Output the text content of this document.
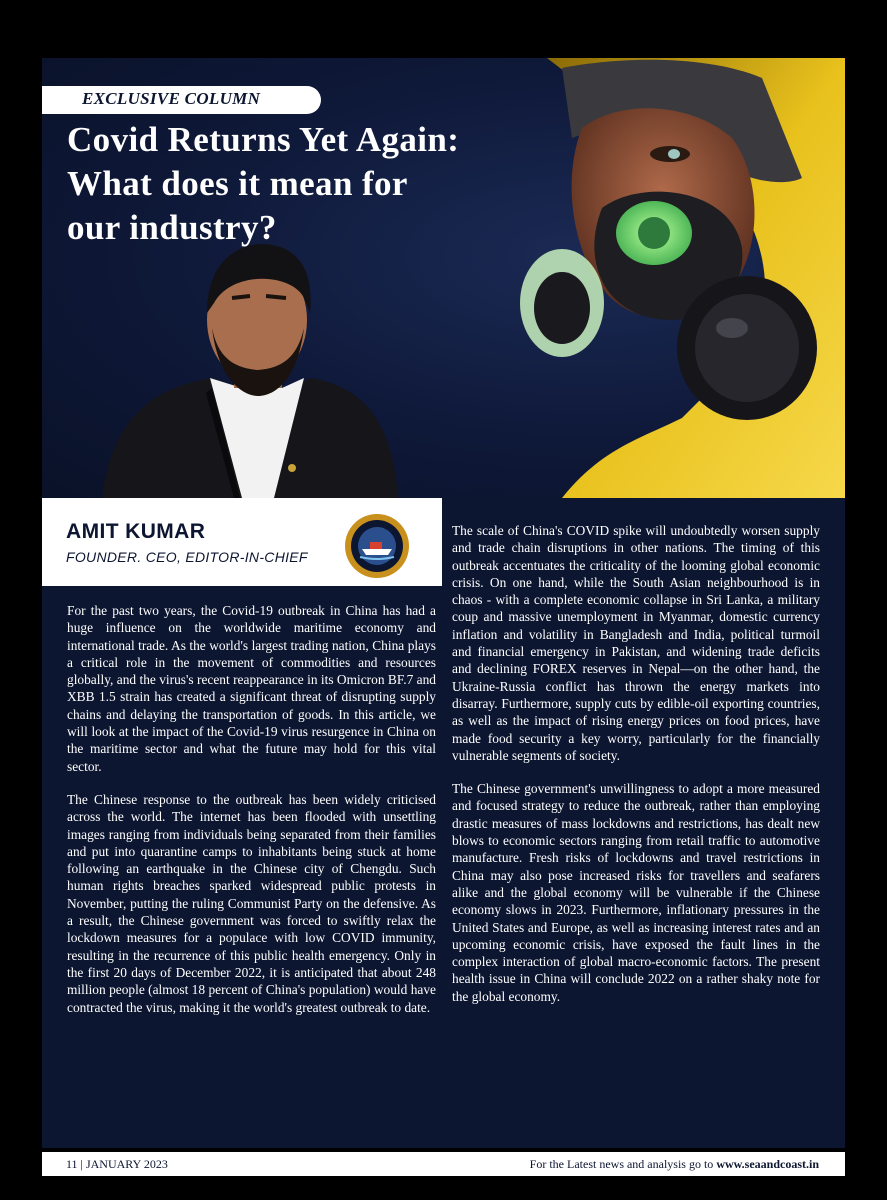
EXCLUSIVE COLUMN
Covid Returns Yet Again:
What does it mean for
our industry?
AMIT KUMAR
FOUNDER. CEO, EDITOR-IN-CHIEF

For the past two years, the Covid-19 outbreak in China has had a huge influence on the worldwide maritime economy and international trade. As the world's largest trading nation, China plays a critical role in the movement of commodities and resources globally, and the virus's recent reappearance in its Omicron BF.7 and XBB 1.5 strain has created a significant threat of disrupting supply chains and delaying the transportation of goods. In this article, we will look at the impact of the Covid-19 virus resurgence in China on the maritime sector and what the future may hold for this vital sector.

The Chinese response to the outbreak has been widely criticised across the world. The internet has been flooded with unsettling images ranging from individuals being separated from their families and put into quarantine camps to inhabitants being stuck at home following an earthquake in the Chinese city of Chengdu. Such human rights breaches sparked widespread public protests in November, putting the ruling Communist Party on the defensive. As a result, the Chinese government was forced to swiftly relax the lockdown measures for a populace with low COVID immunity, resulting in the recurrence of this public health emergency. Only in the first 20 days of December 2022, it is anticipated that about 248 million people (almost 18 percent of China's population) would have contracted the virus, making it the world's greatest outbreak to date.

The scale of China's COVID spike will undoubtedly worsen supply and trade chain disruptions in other nations. The timing of this outbreak accentuates the criticality of the looming global economic crisis. On one hand, while the South Asian neighbourhood is in chaos - with a complete economic collapse in Sri Lanka, a military coup and massive unemployment in Myanmar, domestic currency inflation and volatility in Bangladesh and India, political turmoil and financial emergency in Pakistan, and widening trade deficits and declining FOREX reserves in Nepal—on the other hand, the Ukraine-Russia conflict has thrown the energy markets into disarray. Furthermore, supply cuts by edible-oil exporting countries, as well as the impact of rising energy prices on food prices, have made food security a key worry, particularly for the financially vulnerable segments of society.

The Chinese government's unwillingness to adopt a more measured and focused strategy to reduce the outbreak, rather than employing drastic measures of mass lockdowns and restrictions, has dealt new blows to economic sectors ranging from retail traffic to automotive manufacture. Fresh risks of lockdowns and travel restrictions in China may also pose increased risks for travellers and seafarers alike and the global economy will be vulnerable if the Chinese economy slows in 2023. Furthermore, inflationary pressures in the United States and Europe, as well as increasing interest rates and an upcoming economic crisis, have exposed the fault lines in the complex interaction of global macro-economic factors. The present health issue in China will conclude 2022 on a rather shaky note for the global economy.

11 | JANUARY 2023	For the Latest news and analysis go to www.seaandcoast.in
